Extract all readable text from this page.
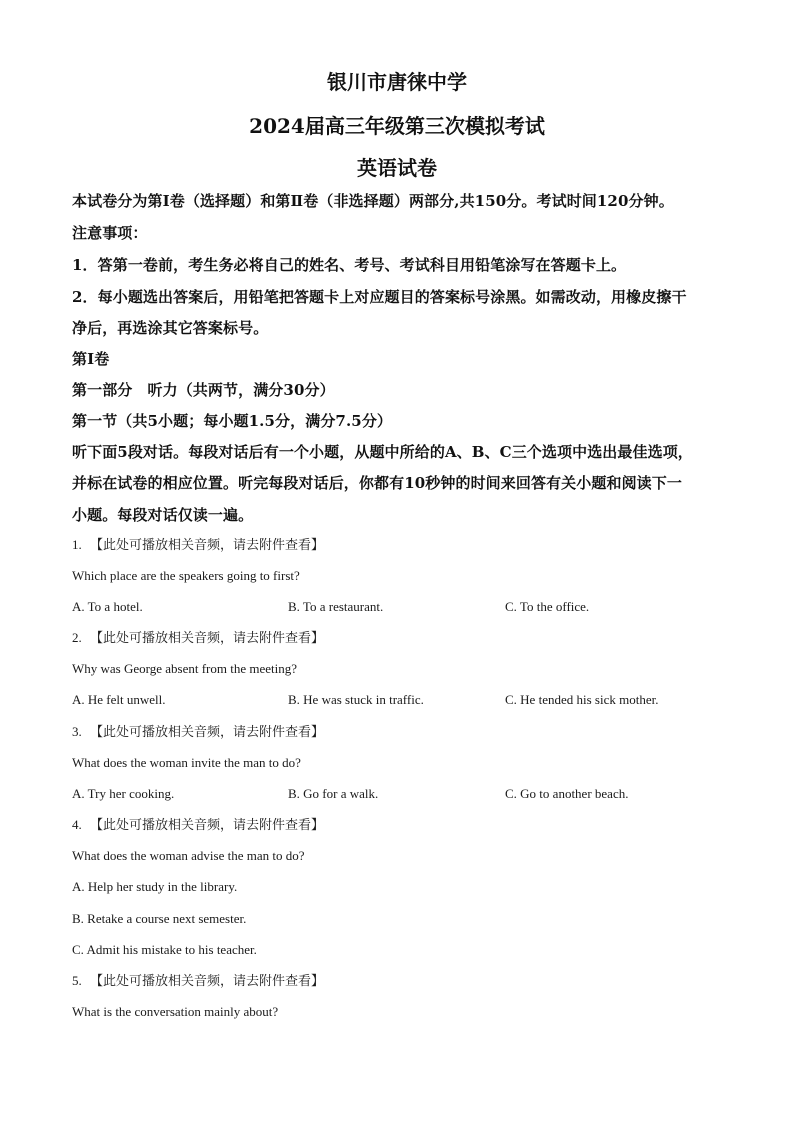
银川市唐徕中学
2024届高三年级第三次模拟考试
英语试卷
本试卷分为第Ⅰ卷（选择题）和第Ⅱ卷（非选择题）两部分,共150分。考试时间120分钟。
注意事项：
1．答第一卷前，考生务必将自己的姓名、考号、考试科目用铅笔涂写在答题卡上。
2．每小题选出答案后，用铅笔把答题卡上对应题目的答案标号涂黑。如需改动，用橡皮擦干
净后，再选涂其它答案标号。
第Ⅰ卷
第一部分　听力（共两节，满分30分）
第一节（共5小题；每小题1.5分，满分7.5分）
听下面5段对话。每段对话后有一个小题，从题中所给的A、B、C三个选项中选出最佳选项，
并标在试卷的相应位置。听完每段对话后，你都有10秒钟的时间来回答有关小题和阅读下一
小题。每段对话仅读一遍。
1. 【此处可播放相关音频，请去附件查看】
Which place are the speakers going to first?
A. To a hotel.	B. To a restaurant.	C. To the office.
2. 【此处可播放相关音频，请去附件查看】
Why was George absent from the meeting?
A. He felt unwell.	B. He was stuck in traffic.	C. He tended his sick mother.
3. 【此处可播放相关音频，请去附件查看】
What does the woman invite the man to do?
A. Try her cooking.	B. Go for a walk.	C. Go to another beach.
4. 【此处可播放相关音频，请去附件查看】
What does the woman advise the man to do?
A. Help her study in the library.
B. Retake a course next semester.
C. Admit his mistake to his teacher.
5. 【此处可播放相关音频，请去附件查看】
What is the conversation mainly about?
